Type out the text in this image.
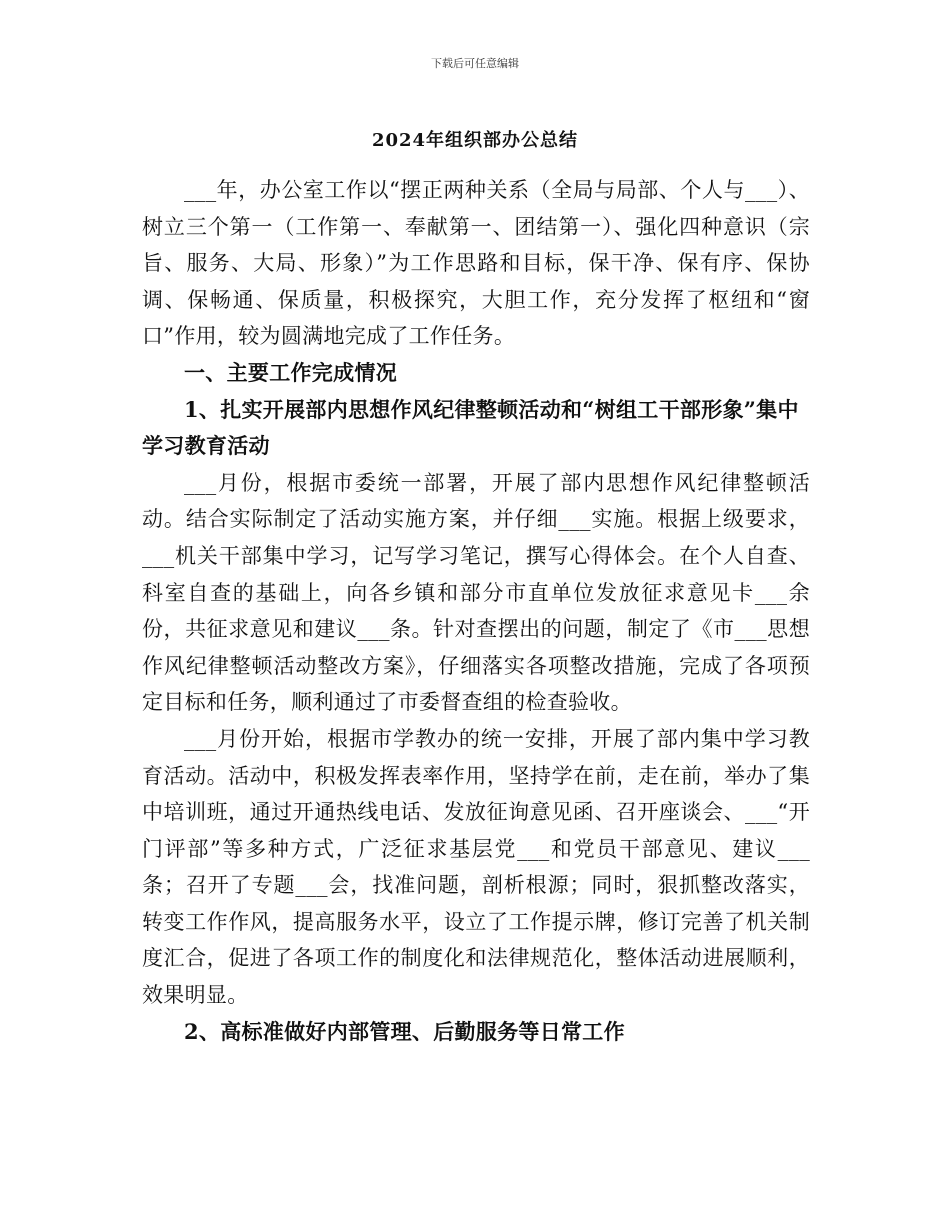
下载后可任意编辑
2024年组织部办公总结

___年，办公室工作以“摆正两种关系（全局与局部、个人与___）、树立三个第一（工作第一、奉献第一、团结第一）、强化四种意识（宗旨、服务、大局、形象）”为工作思路和目标，保干净、保有序、保协调、保畅通、保质量，积极探究，大胆工作，充分发挥了枢纽和“窗口”作用，较为圆满地完成了工作任务。

一、主要工作完成情况

1、扎实开展部内思想作风纪律整顿活动和“树组工干部形象”集中学习教育活动

___月份，根据市委统一部署，开展了部内思想作风纪律整顿活动。结合实际制定了活动实施方案，并仔细___实施。根据上级要求，___机关干部集中学习，记写学习笔记，撰写心得体会。在个人自查、科室自查的基础上，向各乡镇和部分市直单位发放征求意见卡___余份，共征求意见和建议___条。针对查摆出的问题，制定了《市___思想作风纪律整顿活动整改方案》，仔细落实各项整改措施，完成了各项预定目标和任务，顺利通过了市委督查组的检查验收。

___月份开始，根据市学教办的统一安排，开展了部内集中学习教育活动。活动中，积极发挥表率作用，坚持学在前，走在前，举办了集中培训班，通过开通热线电话、发放征询意见函、召开座谈会、___“开门评部”等多种方式，广泛征求基层党___和党员干部意见、建议___条；召开了专题___会，找准问题，剖析根源；同时，狠抓整改落实，转变工作作风，提高服务水平，设立了工作提示牌，修订完善了机关制度汇合，促进了各项工作的制度化和法律规范化，整体活动进展顺利，效果明显。

2、高标准做好内部管理、后勤服务等日常工作
